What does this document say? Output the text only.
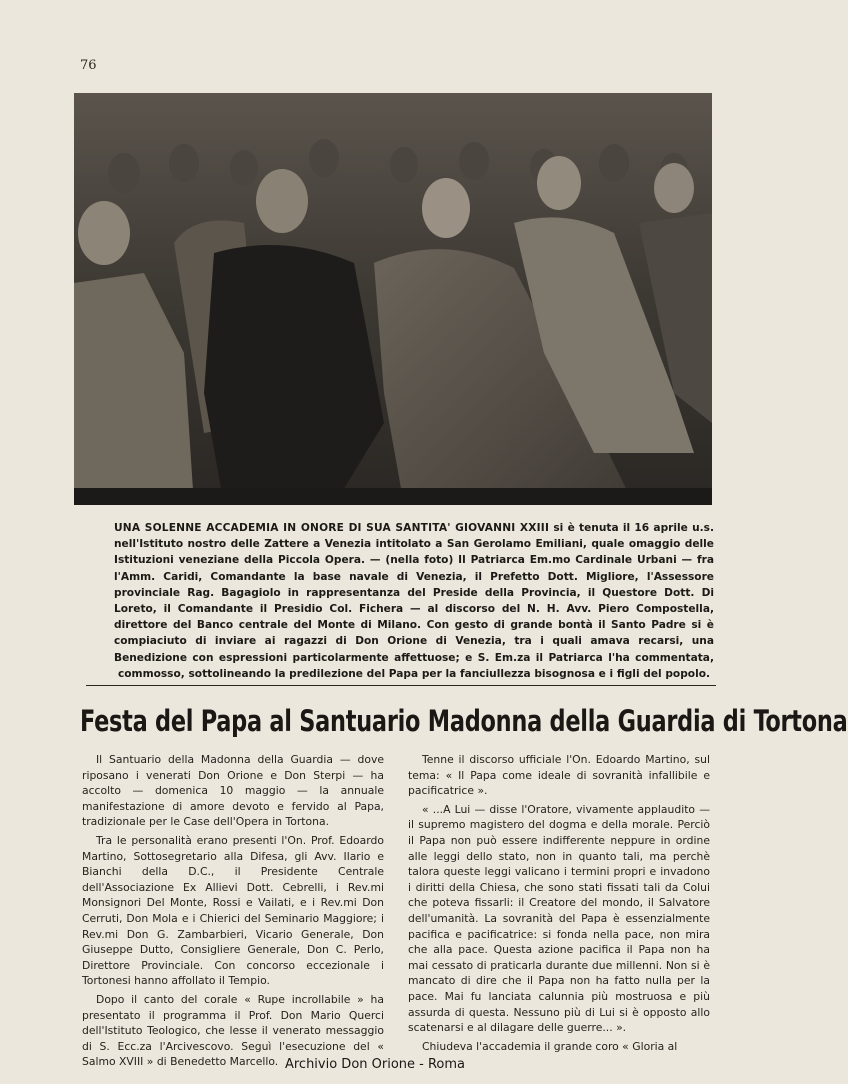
76
UNA SOLENNE ACCADEMIA IN ONORE DI SUA SANTITA' GIOVANNI XXIII si è tenuta il 16 aprile u.s. nell'Istituto nostro delle Zattere a Venezia intitolato a San Gerolamo Emiliani, quale omaggio delle Istituzioni veneziane della Piccola Opera. — (nella foto) Il Patriarca Em.mo Cardinale Urbani — fra l'Amm. Caridi, Comandante la base navale di Venezia, il Prefetto Dott. Migliore, l'Assessore provinciale Rag. Bagagiolo in rappresentanza del Preside della Provincia, il Questore Dott. Di Loreto, il Comandante il Presidio Col. Fichera — al discorso del N. H. Avv. Piero Compostella, direttore del Banco centrale del Monte di Milano. Con gesto di grande bontà il Santo Padre si è compiaciuto di inviare ai ragazzi di Don Orione di Venezia, tra i quali amava recarsi, una Benedizione con espressioni particolarmente affettuose; e S. Em.za il Patriarca l'ha commentata, commosso, sottolineando la predilezione del Papa per la fanciullezza bisognosa e i figli del popolo.
Festa del Papa al Santuario Madonna della Guardia di Tortona

Il Santuario della Madonna della Guardia — dove riposano i venerati Don Orione e Don Sterpi — ha accolto — domenica 10 maggio — la annuale manifestazione di amore devoto e fervido al Papa, tradizionale per le Case dell'Opera in Tortona.

Tra le personalità erano presenti l'On. Prof. Edoardo Martino, Sottosegretario alla Difesa, gli Avv. Ilario e Bianchi della D.C., il Presidente Centrale dell'Associazione Ex Allievi Dott. Cebrelli, i Rev.mi Monsignori Del Monte, Rossi e Vailati, e i Rev.mi Don Cerruti, Don Mola e i Chierici del Seminario Maggiore; i Rev.mi Don G. Zambarbieri, Vicario Generale, Don Giuseppe Dutto, Consigliere Generale, Don C. Perlo, Direttore Provinciale. Con concorso eccezionale i Tortonesi hanno affollato il Tempio.

Dopo il canto del corale « Rupe incrollabile » ha presentato il programma il Prof. Don Mario Querci dell'Istituto Teologico, che lesse il venerato messaggio di S. Ecc.za l'Arcivescovo. Seguì l'esecuzione del « Salmo XVIII » di Benedetto Marcello.

Tenne il discorso ufficiale l'On. Edoardo Martino, sul tema: « Il Papa come ideale di sovranità infallibile e pacificatrice ».

« ...A Lui — disse l'Oratore, vivamente applaudito — il supremo magistero del dogma e della morale. Perciò il Papa non può essere indifferente neppure in ordine alle leggi dello stato, non in quanto tali, ma perchè talora queste leggi valicano i termini propri e invadono i diritti della Chiesa, che sono stati fissati tali da Colui che poteva fissarli: il Creatore del mondo, il Salvatore dell'umanità. La sovranità del Papa è essenzialmente pacifica e pacificatrice: si fonda nella pace, non mira che alla pace. Questa azione pacifica il Papa non ha mai cessato di praticarla durante due millenni. Non si è mancato di dire che il Papa non ha fatto nulla per la pace. Mai fu lanciata calunnia più mostruosa e più assurda di questa. Nessuno più di Lui si è opposto allo scatenarsi e al dilagare delle guerre... ».

Chiudeva l'accademia il grande coro « Gloria al

Archivio Don Orione - Roma
